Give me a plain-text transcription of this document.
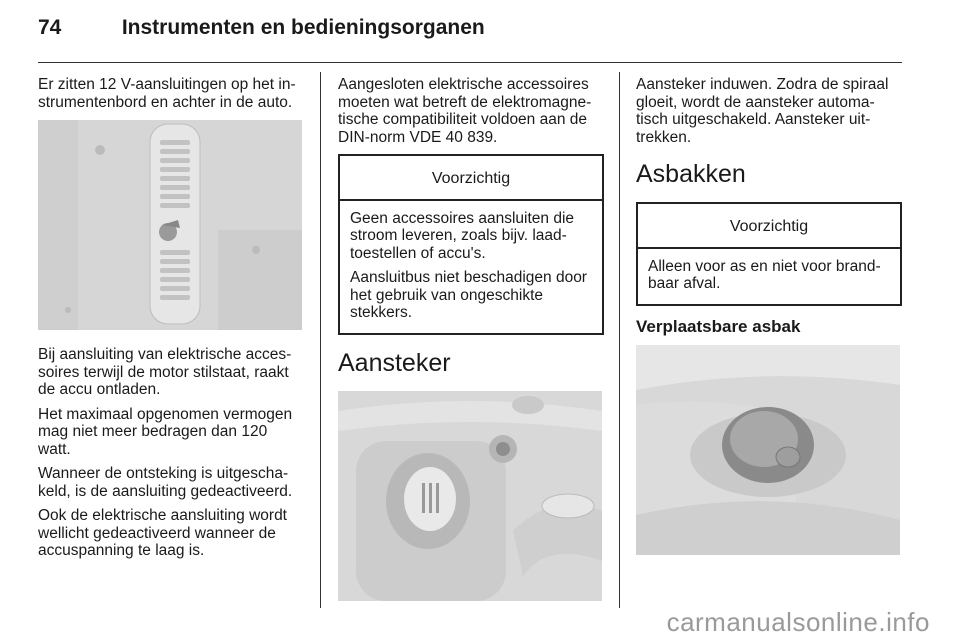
74	Instrumenten en bedieningsorganen

Er zitten 12 V-aansluitingen op het in-strumentenbord en achter in de auto.

Bij aansluiting van elektrische acces-soires terwijl de motor stilstaat, raakt de accu ontladen.

Het maximaal opgenomen vermogen mag niet meer bedragen dan 120 watt.

Wanneer de ontsteking is uitgescha-keld, is de aansluiting gedeactiveerd.

Ook de elektrische aansluiting wordt wellicht gedeactiveerd wanneer de accuspanning te laag is.

Aangesloten elektrische accessoires moeten wat betreft de elektromagne-tische compatibiliteit voldoen aan de DIN-norm VDE 40 839.

Voorzichtig

Geen accessoires aansluiten die stroom leveren, zoals bijv. laad-toestellen of accu's.

Aansluitbus niet beschadigen door het gebruik van ongeschikte stekkers.

Aansteker

Aansteker induwen. Zodra de spiraal gloeit, wordt de aansteker automa-tisch uitgeschakeld. Aansteker uit-trekken.

Asbakken
Voorzichtig

Alleen voor as en niet voor brand-baar afval.

Verplaatsbare asbak
carmanualsonline.info
